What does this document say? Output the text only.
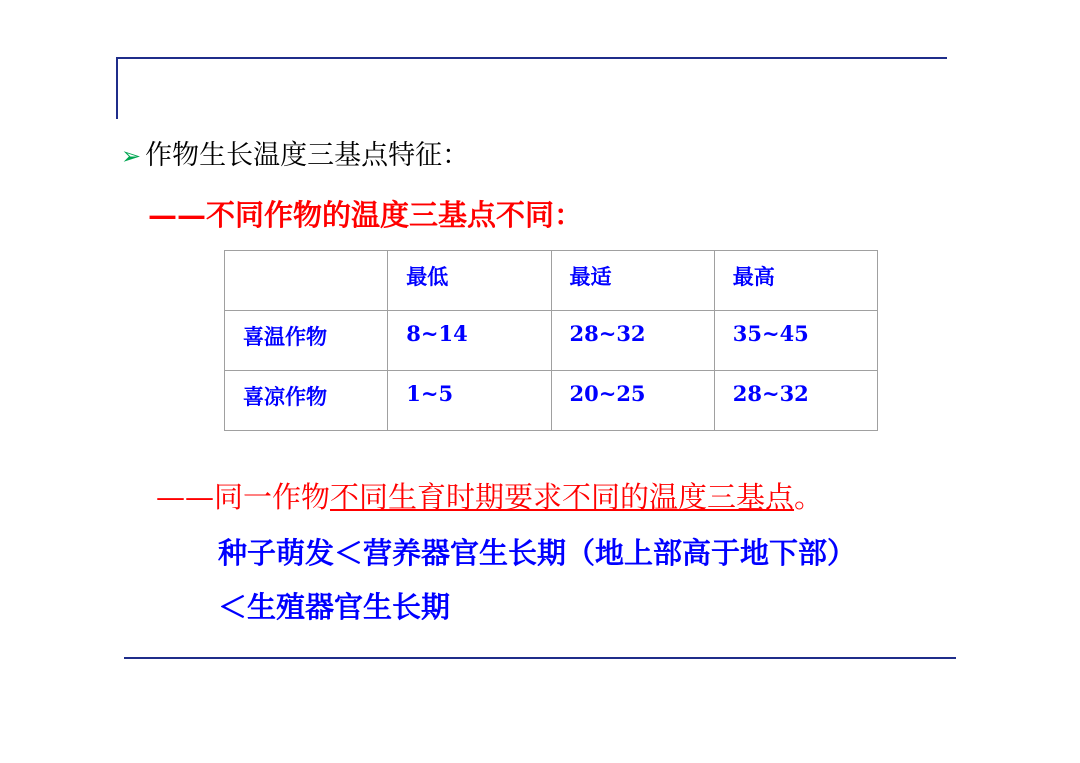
➢ 作物生长温度三基点特征：
——不同作物的温度三基点不同：
	最低	最适	最高
喜温作物	8~14	28~32	35~45
喜凉作物	1~5	20~25	28~32
——同一作物不同生育时期要求不同的温度三基点。
种子萌发＜营养器官生长期（地上部高于地下部）
＜生殖器官生长期
